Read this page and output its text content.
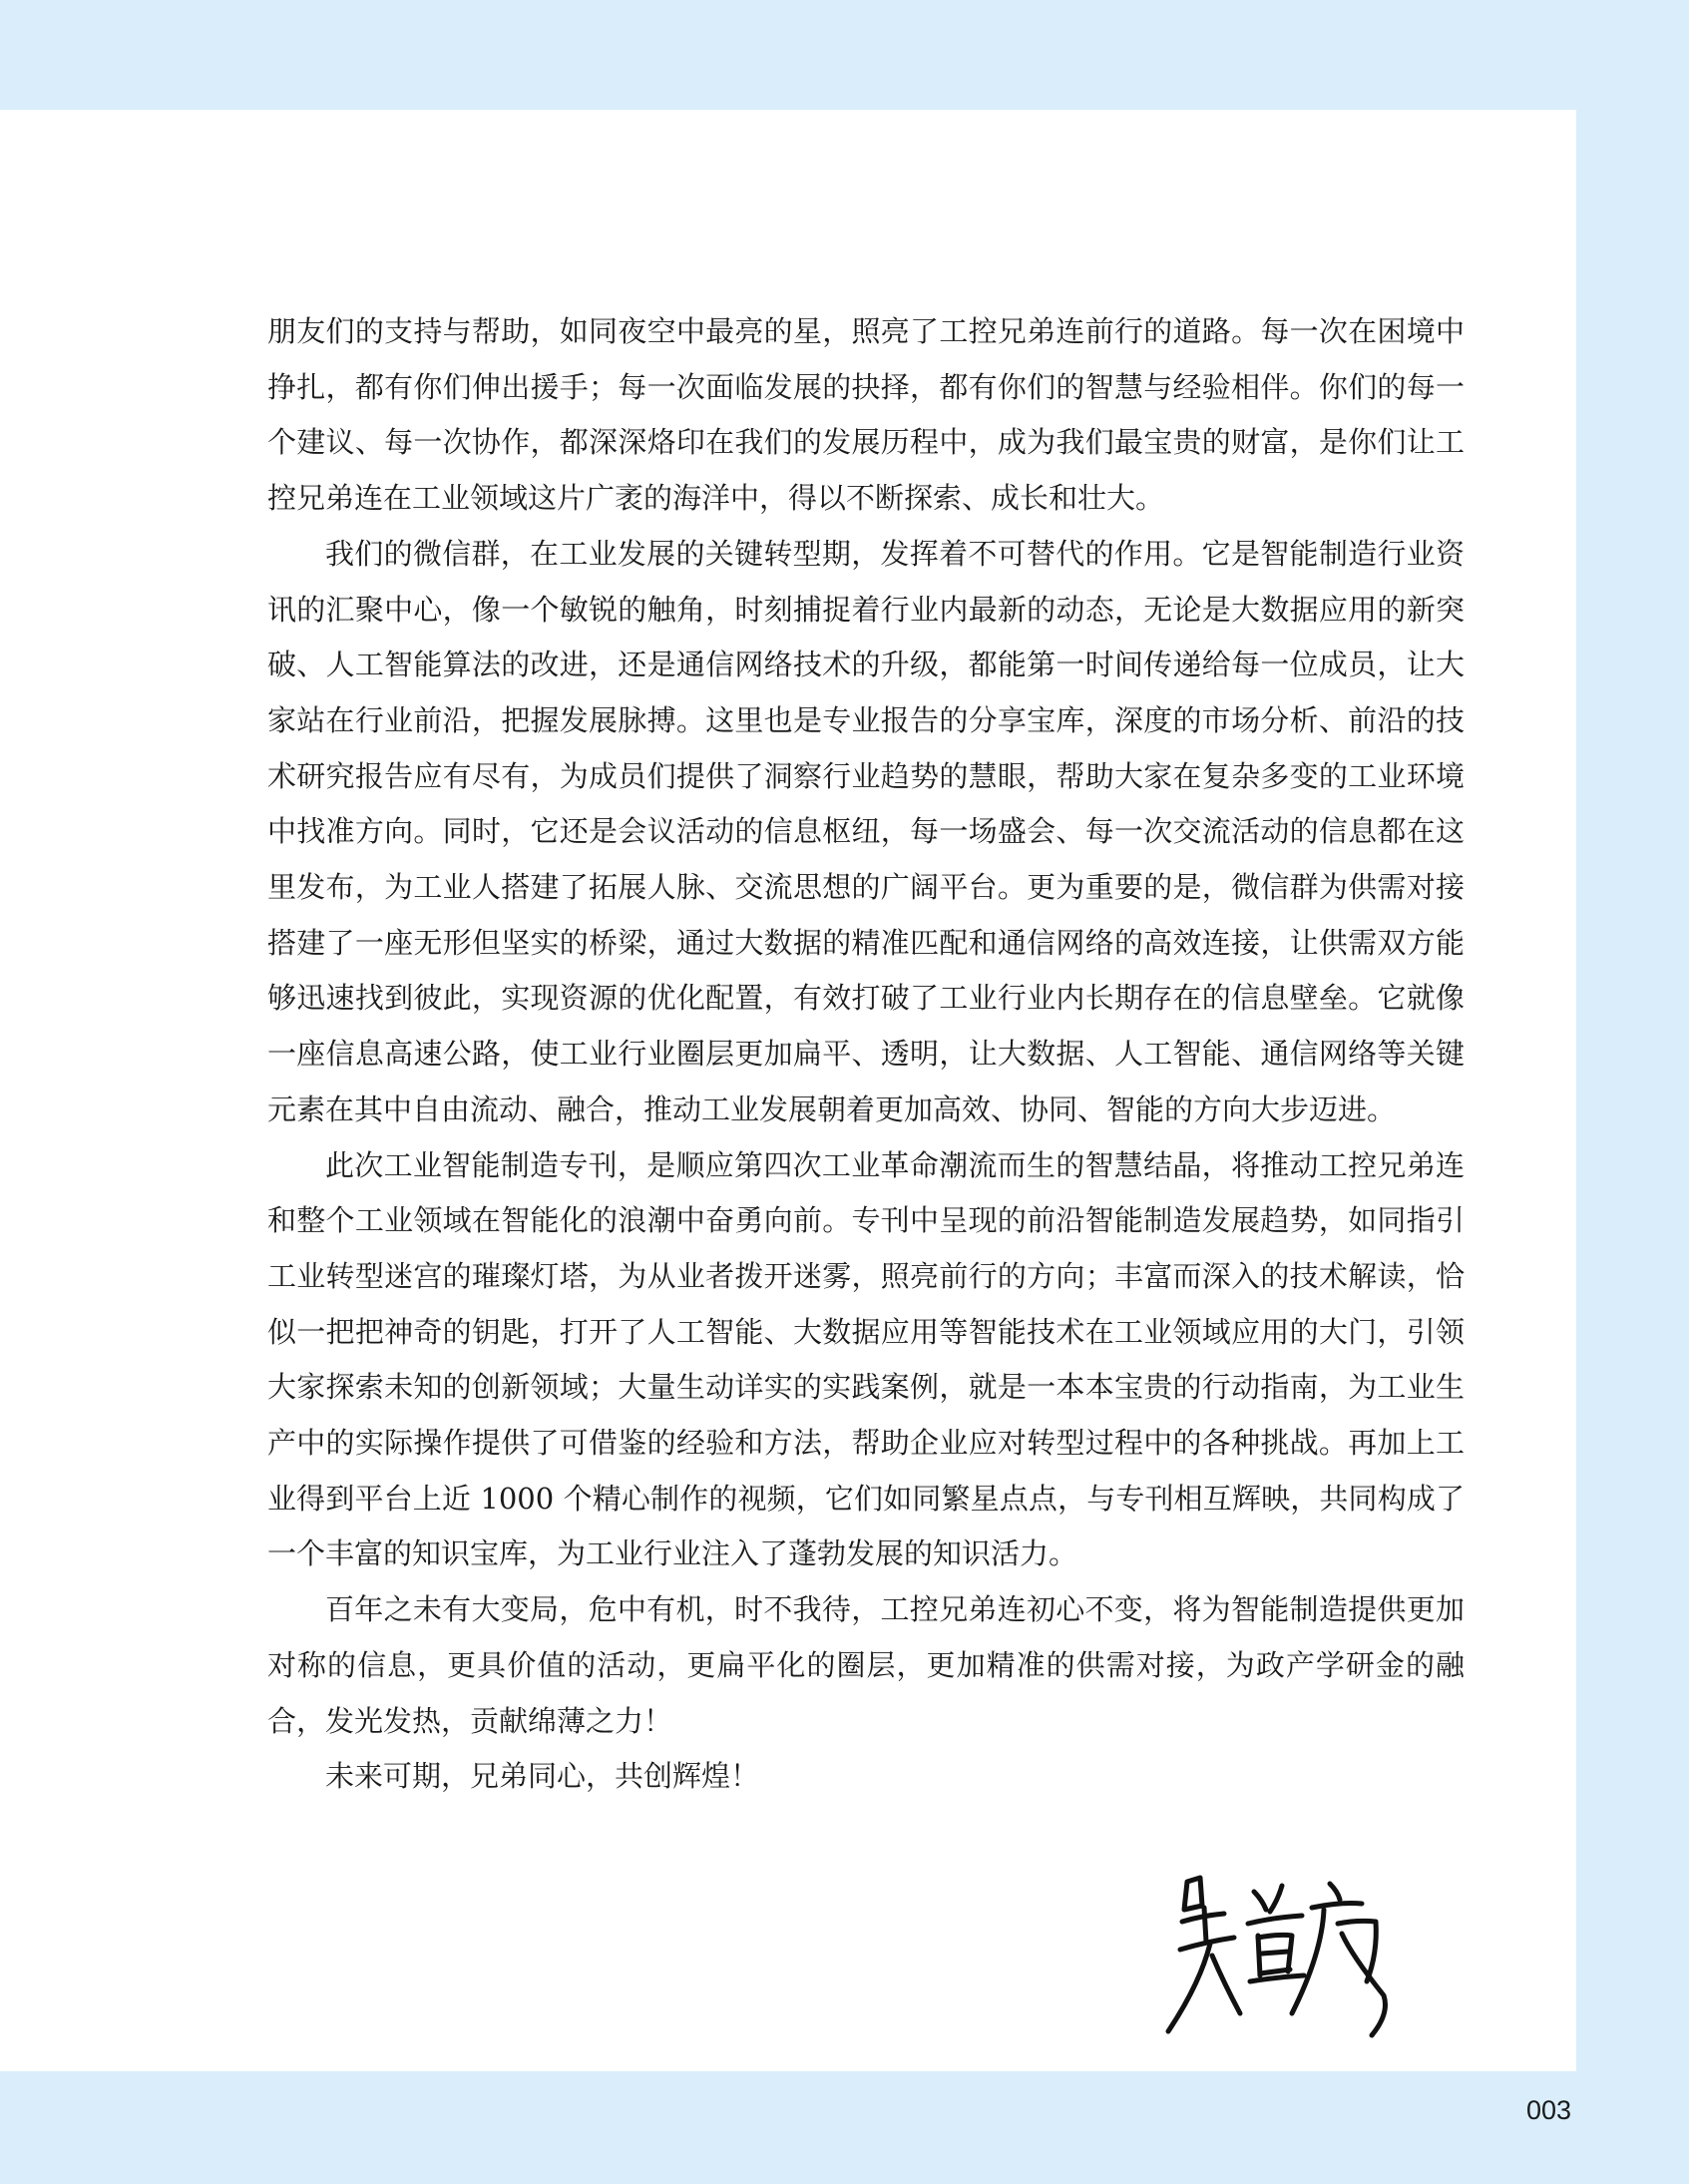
朋友们的支持与帮助，如同夜空中最亮的星，照亮了工控兄弟连前行的道路。每一次在困境中挣扎，都有你们伸出援手；每一次面临发展的抉择，都有你们的智慧与经验相伴。你们的每一个建议、每一次协作，都深深烙印在我们的发展历程中，成为我们最宝贵的财富，是你们让工控兄弟连在工业领域这片广袤的海洋中，得以不断探索、成长和壮大。

我们的微信群，在工业发展的关键转型期，发挥着不可替代的作用。它是智能制造行业资讯的汇聚中心，像一个敏锐的触角，时刻捕捉着行业内最新的动态，无论是大数据应用的新突破、人工智能算法的改进，还是通信网络技术的升级，都能第一时间传递给每一位成员，让大家站在行业前沿，把握发展脉搏。这里也是专业报告的分享宝库，深度的市场分析、前沿的技术研究报告应有尽有，为成员们提供了洞察行业趋势的慧眼，帮助大家在复杂多变的工业环境中找准方向。同时，它还是会议活动的信息枢纽，每一场盛会、每一次交流活动的信息都在这里发布，为工业人搭建了拓展人脉、交流思想的广阔平台。更为重要的是，微信群为供需对接搭建了一座无形但坚实的桥梁，通过大数据的精准匹配和通信网络的高效连接，让供需双方能够迅速找到彼此，实现资源的优化配置，有效打破了工业行业内长期存在的信息壁垒。它就像一座信息高速公路，使工业行业圈层更加扁平、透明，让大数据、人工智能、通信网络等关键元素在其中自由流动、融合，推动工业发展朝着更加高效、协同、智能的方向大步迈进。

此次工业智能制造专刊，是顺应第四次工业革命潮流而生的智慧结晶，将推动工控兄弟连和整个工业领域在智能化的浪潮中奋勇向前。专刊中呈现的前沿智能制造发展趋势，如同指引工业转型迷宫的璀璨灯塔，为从业者拨开迷雾，照亮前行的方向；丰富而深入的技术解读，恰似一把把神奇的钥匙，打开了人工智能、大数据应用等智能技术在工业领域应用的大门，引领大家探索未知的创新领域；大量生动详实的实践案例，就是一本本宝贵的行动指南，为工业生产中的实际操作提供了可借鉴的经验和方法，帮助企业应对转型过程中的各种挑战。再加上工业得到平台上近 1000 个精心制作的视频，它们如同繁星点点，与专刊相互辉映，共同构成了一个丰富的知识宝库，为工业行业注入了蓬勃发展的知识活力。

百年之未有大变局，危中有机，时不我待，工控兄弟连初心不变，将为智能制造提供更加对称的信息，更具价值的活动，更扁平化的圈层，更加精准的供需对接，为政产学研金的融合，发光发热，贡献绵薄之力！

未来可期，兄弟同心，共创辉煌！

003
